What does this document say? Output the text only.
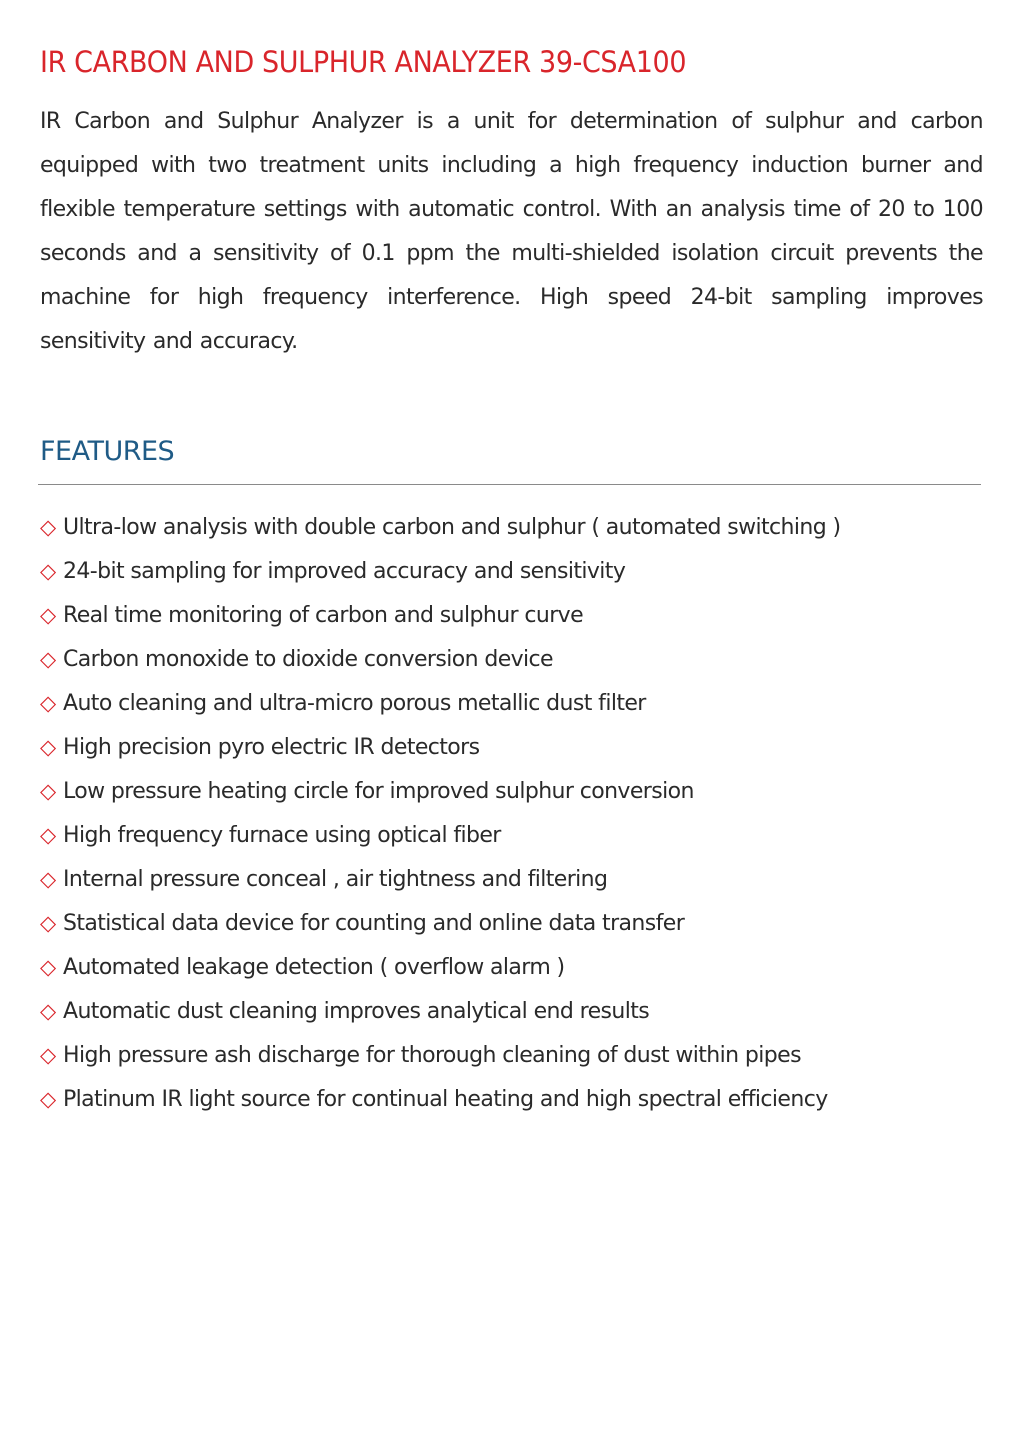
IR CARBON AND SULPHUR ANALYZER 39-CSA100

IR Carbon and Sulphur Analyzer is a unit for determination of sulphur and carbon equipped with two treatment units including a high frequency induction burner and flexible temperature settings with automatic control. With an analysis time of 20 to 100 seconds and a sensitivity of 0.1 ppm the multi-shielded isolation circuit prevents the machine for high frequency interference. High speed 24-bit sampling improves sensitivity and accuracy.

FEATURES
◇ Ultra-low analysis with double carbon and sulphur ( automated switching )
◇ 24-bit sampling for improved accuracy and sensitivity
◇ Real time monitoring of carbon and sulphur curve
◇ Carbon monoxide to dioxide conversion device
◇ Auto cleaning and ultra-micro porous metallic dust filter
◇ High precision pyro electric IR detectors
◇ Low pressure heating circle for improved sulphur conversion
◇ High frequency furnace using optical fiber
◇ Internal pressure conceal , air tightness and filtering
◇ Statistical data device for counting and online data transfer
◇ Automated leakage detection ( overflow alarm )
◇ Automatic dust cleaning improves analytical end results
◇ High pressure ash discharge for thorough cleaning of dust within pipes
◇ Platinum IR light source for continual heating and high spectral efficiency
